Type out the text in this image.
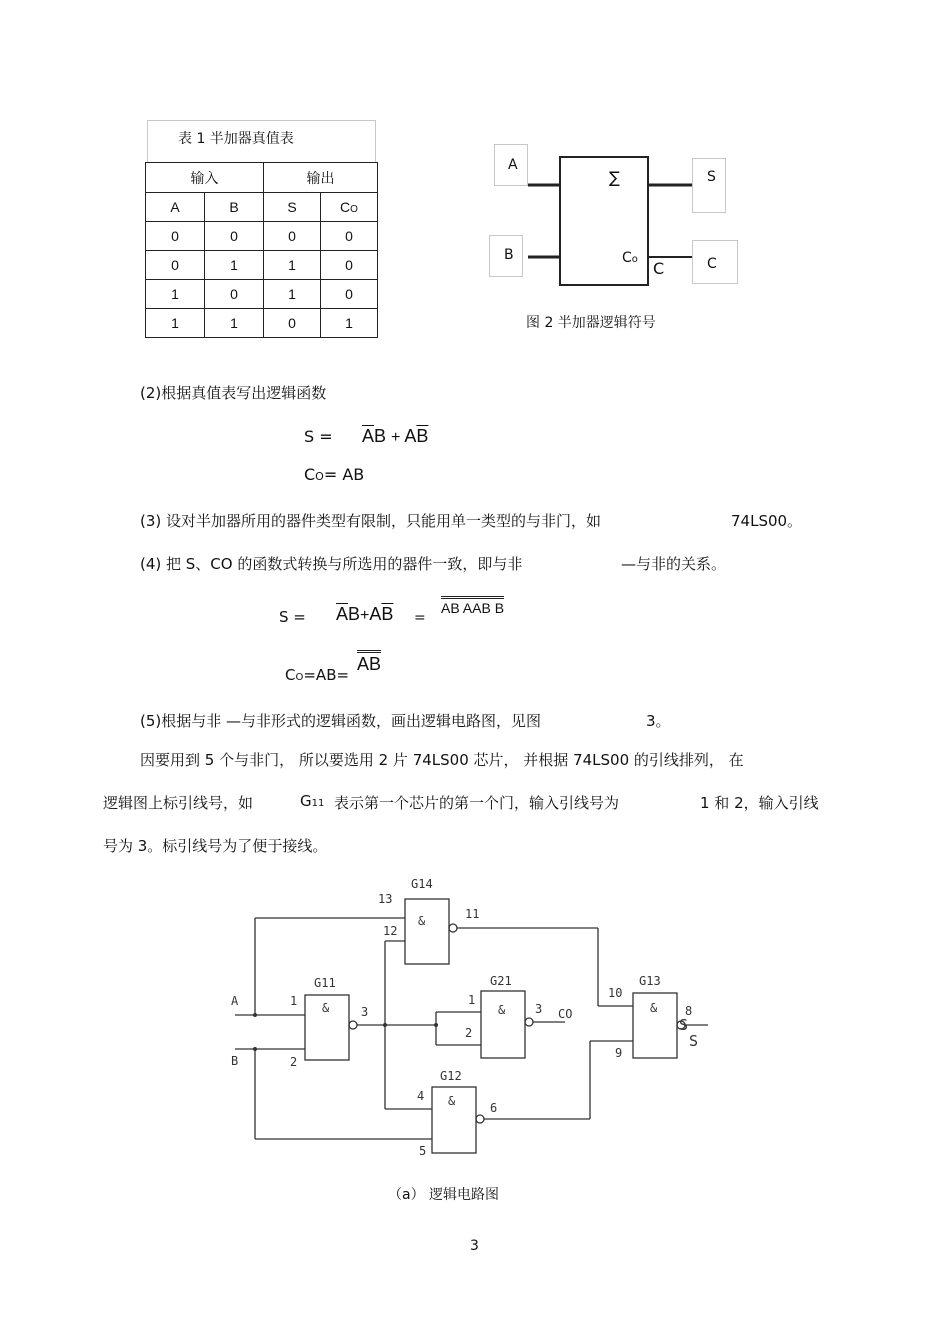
表 1 半加器真值表
输入		输出	
A	B	S	CO
0	0	0	0
0	1	1	0
1	0	1	0
1	1	0	1
A
B
S
C
∑
Co C
图 2 半加器逻辑符号
(2)根据真值表写出逻辑函数
$S = \overline{A}B + A\overline{B}$
CO= AB
(3) 设对半加器所用的器件类型有限制，只能用单一类型的与非门，如	74LS00。
(4) 把 S、CO 的函数式转换与所选用的器件一致，即与非	—与非的关系。
$S = \overline{A}B+A\overline{B}$ =
AB AAB B
CO=AB=
AB
(5)根据与非 —与非形式的逻辑函数，画出逻辑电路图，见图	3。
因要用到 5 个与非门， 所以要选用 2 片 74LS00 芯片， 并根据 74LS00 的引线排列， 在
逻辑图上标引线号，如	G11 表示第一个芯片的第一个门，输入引线号为	1 和 2，输入引线
号为 3。标引线号为了便于接线。
&
&	&	&
&
G14
G11	G21	G13
G12
A
B
CO
S
S
13
12
11
1
2
3
1
2
3
10
9
8
4
5
6
（a） 逻辑电路图
3
